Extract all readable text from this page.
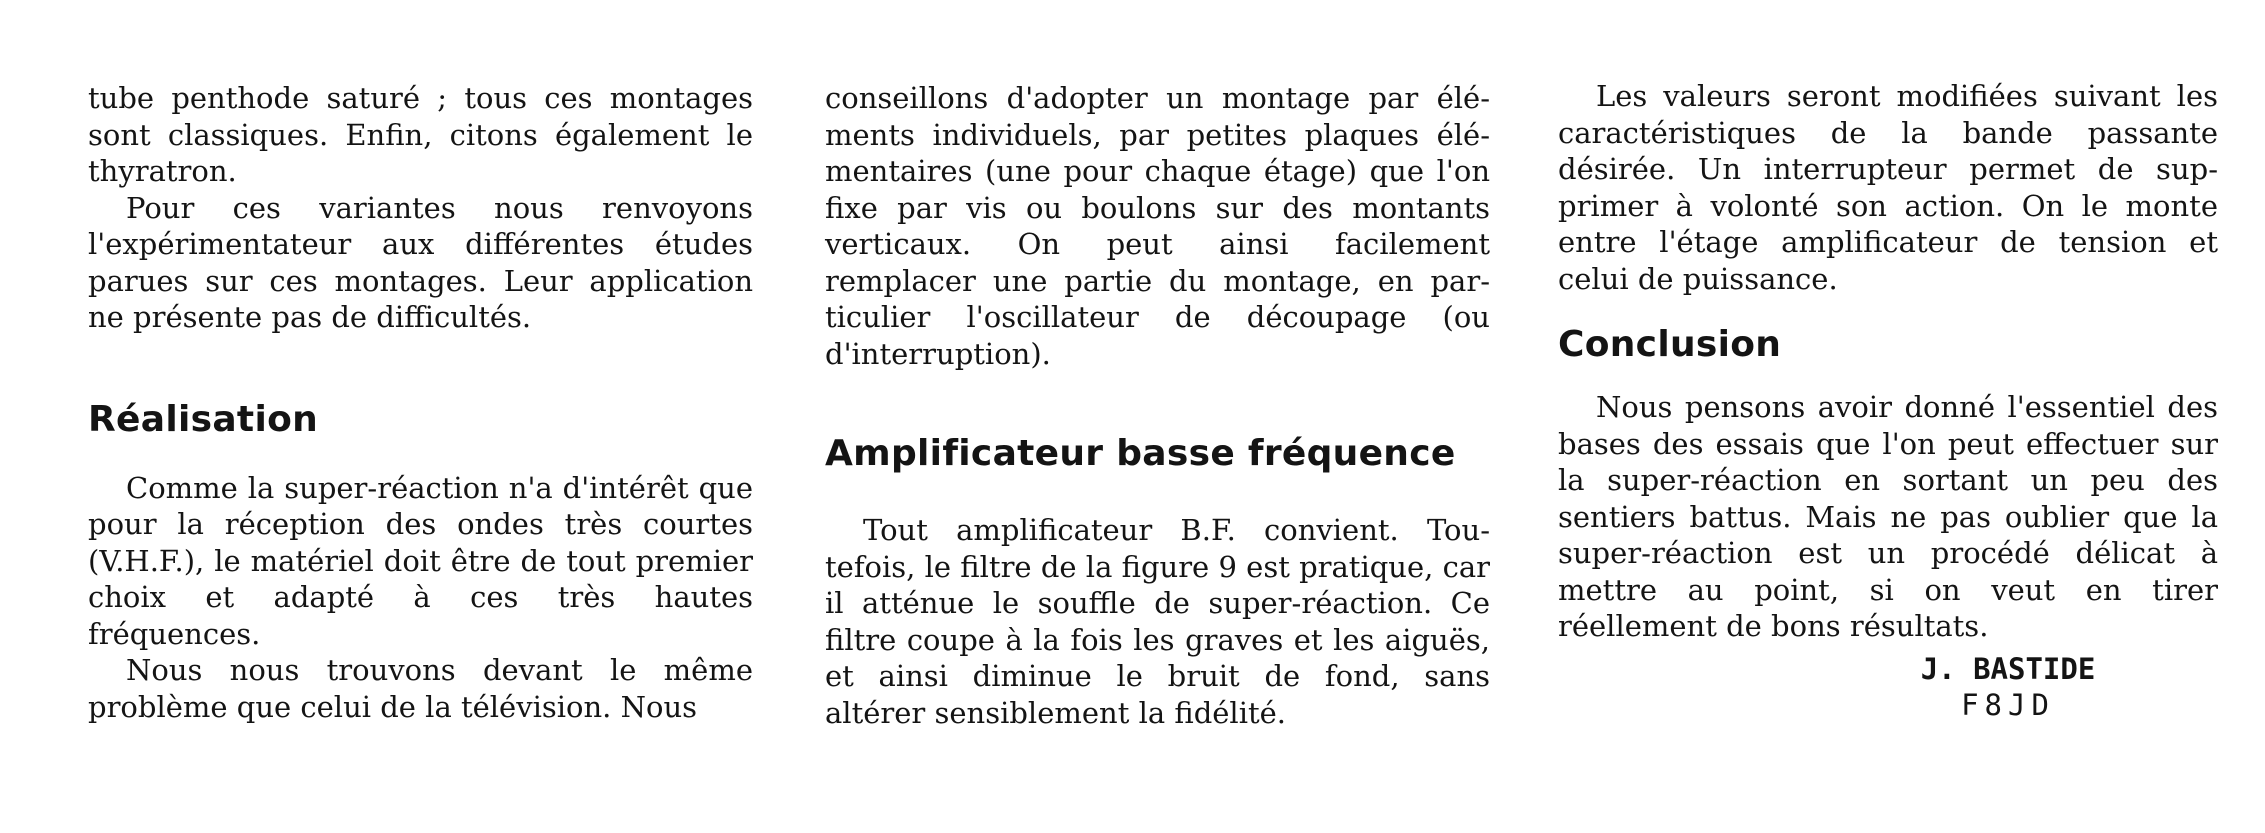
tube penthode saturé ; tous ces montages sont classiques. Enfin, citons également le thyratron.

Pour ces variantes nous renvoyons l'expérimentateur aux différentes études parues sur ces montages. Leur application ne présente pas de difficultés.

Réalisation

Comme la super-réaction n'a d'intérêt que pour la réception des ondes très courtes (V.H.F.), le matériel doit être de tout premier choix et adapté à ces très hautes fréquences.

Nous nous trouvons devant le même problème que celui de la télévision. Nous

conseillons d'adopter un montage par éléments individuels, par petites plaques élémentaires (une pour chaque étage) que l'on fixe par vis ou boulons sur des montants verticaux. On peut ainsi facilement remplacer une partie du montage, en particulier l'oscillateur de découpage (ou d'interruption).

Amplificateur basse fréquence

Tout amplificateur B.F. convient. Toutefois, le filtre de la figure 9 est pratique, car il atténue le souffle de super-réaction. Ce filtre coupe à la fois les graves et les aiguës, et ainsi diminue le bruit de fond, sans altérer sensiblement la fidélité.

Les valeurs seront modifiées suivant les caractéristiques de la bande passante désirée. Un interrupteur permet de supprimer à volonté son action. On le monte entre l'étage amplificateur de tension et celui de puissance.

Conclusion

Nous pensons avoir donné l'essentiel des bases des essais que l'on peut effectuer sur la super-réaction en sortant un peu des sentiers battus. Mais ne pas oublier que la super-réaction est un procédé délicat à mettre au point, si on veut en tirer réellement de bons résultats.

J. BASTIDE
F8JD
